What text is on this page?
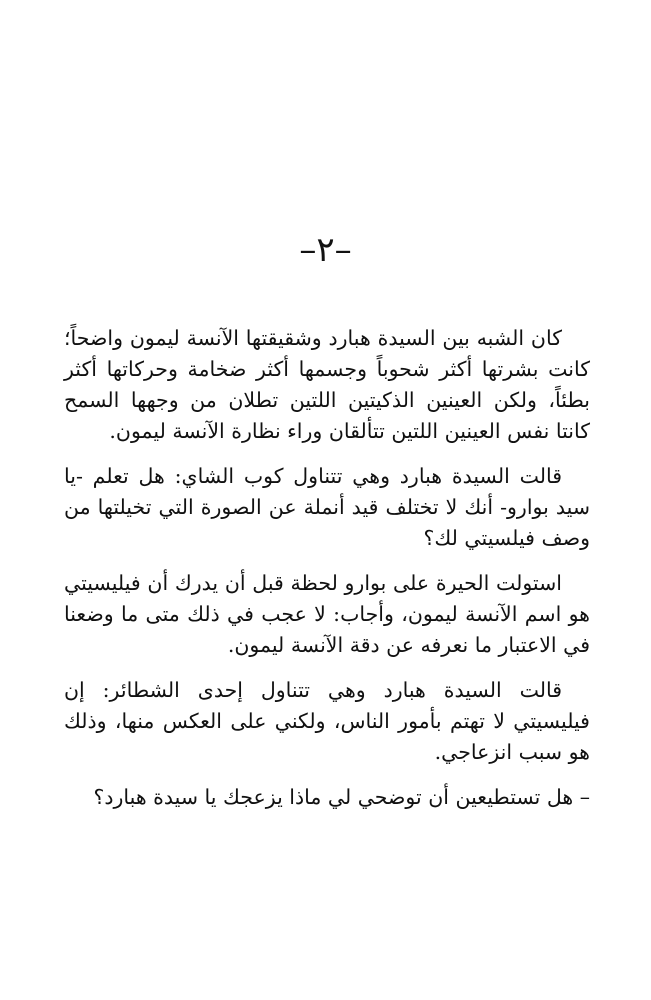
–٢–

كان الشبه بين السيدة هبارد وشقيقتها الآنسة ليمون واضحاً؛ كانت بشرتها أكثر شحوباً وجسمها أكثر ضخامة وحركاتها أكثر بطئاً، ولكن العينين الذكيتين اللتين تطلان من وجهها السمح كانتا نفس العينين اللتين تتألقان وراء نظارة الآنسة ليمون.

قالت السيدة هبارد وهي تتناول كوب الشاي: هل تعلم -يا سيد بوارو- أنك لا تختلف قيد أنملة عن الصورة التي تخيلتها من وصف فيلسيتي لك؟

استولت الحيرة على بوارو لحظة قبل أن يدرك أن فيليسيتي هو اسم الآنسة ليمون، وأجاب: لا عجب في ذلك متى ما وضعنا في الاعتبار ما نعرفه عن دقة الآنسة ليمون.

قالت السيدة هبارد وهي تتناول إحدى الشطائر: إن فيليسيتي لا تهتم بأمور الناس، ولكني على العكس منها، وذلك هو سبب انزعاجي.

– هل تستطيعين أن توضحي لي ماذا يزعجك يا سيدة هبارد؟
